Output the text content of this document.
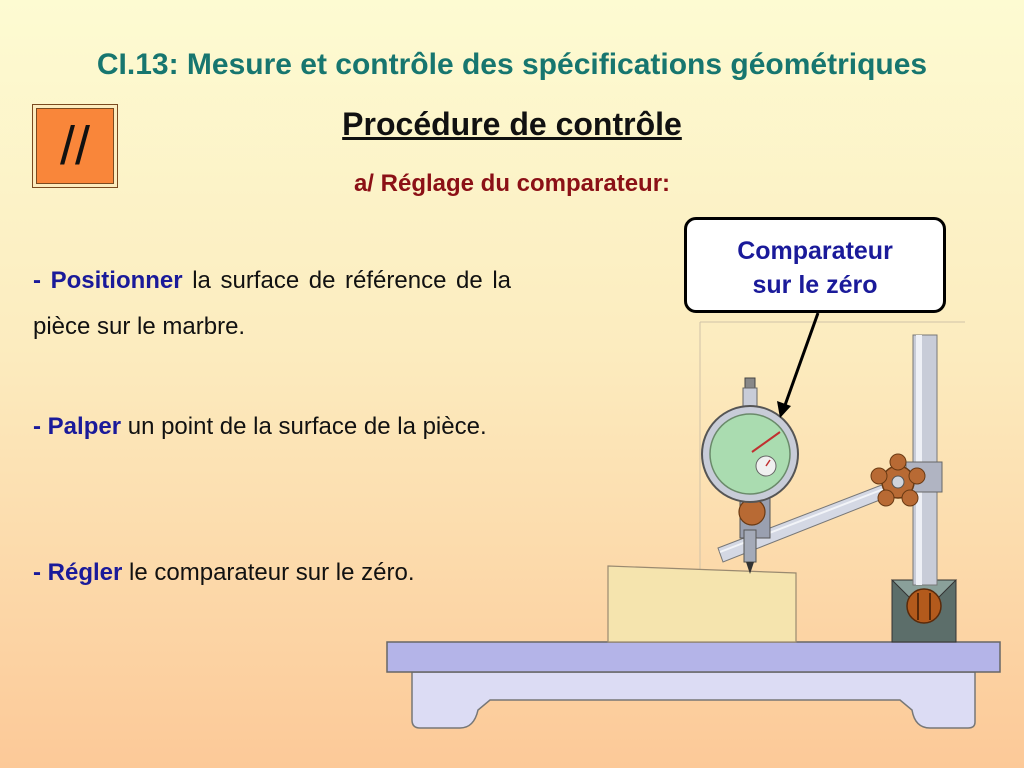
CI.13: Mesure et contrôle des spécifications géométriques
//	Procédure de contrôle
a/ Réglage du comparateur:
- Positionner la surface de référence de la pièce sur le marbre.
- Palper un point de la surface de la pièce.
- Régler le comparateur sur le zéro.
Comparateur
sur le zéro
